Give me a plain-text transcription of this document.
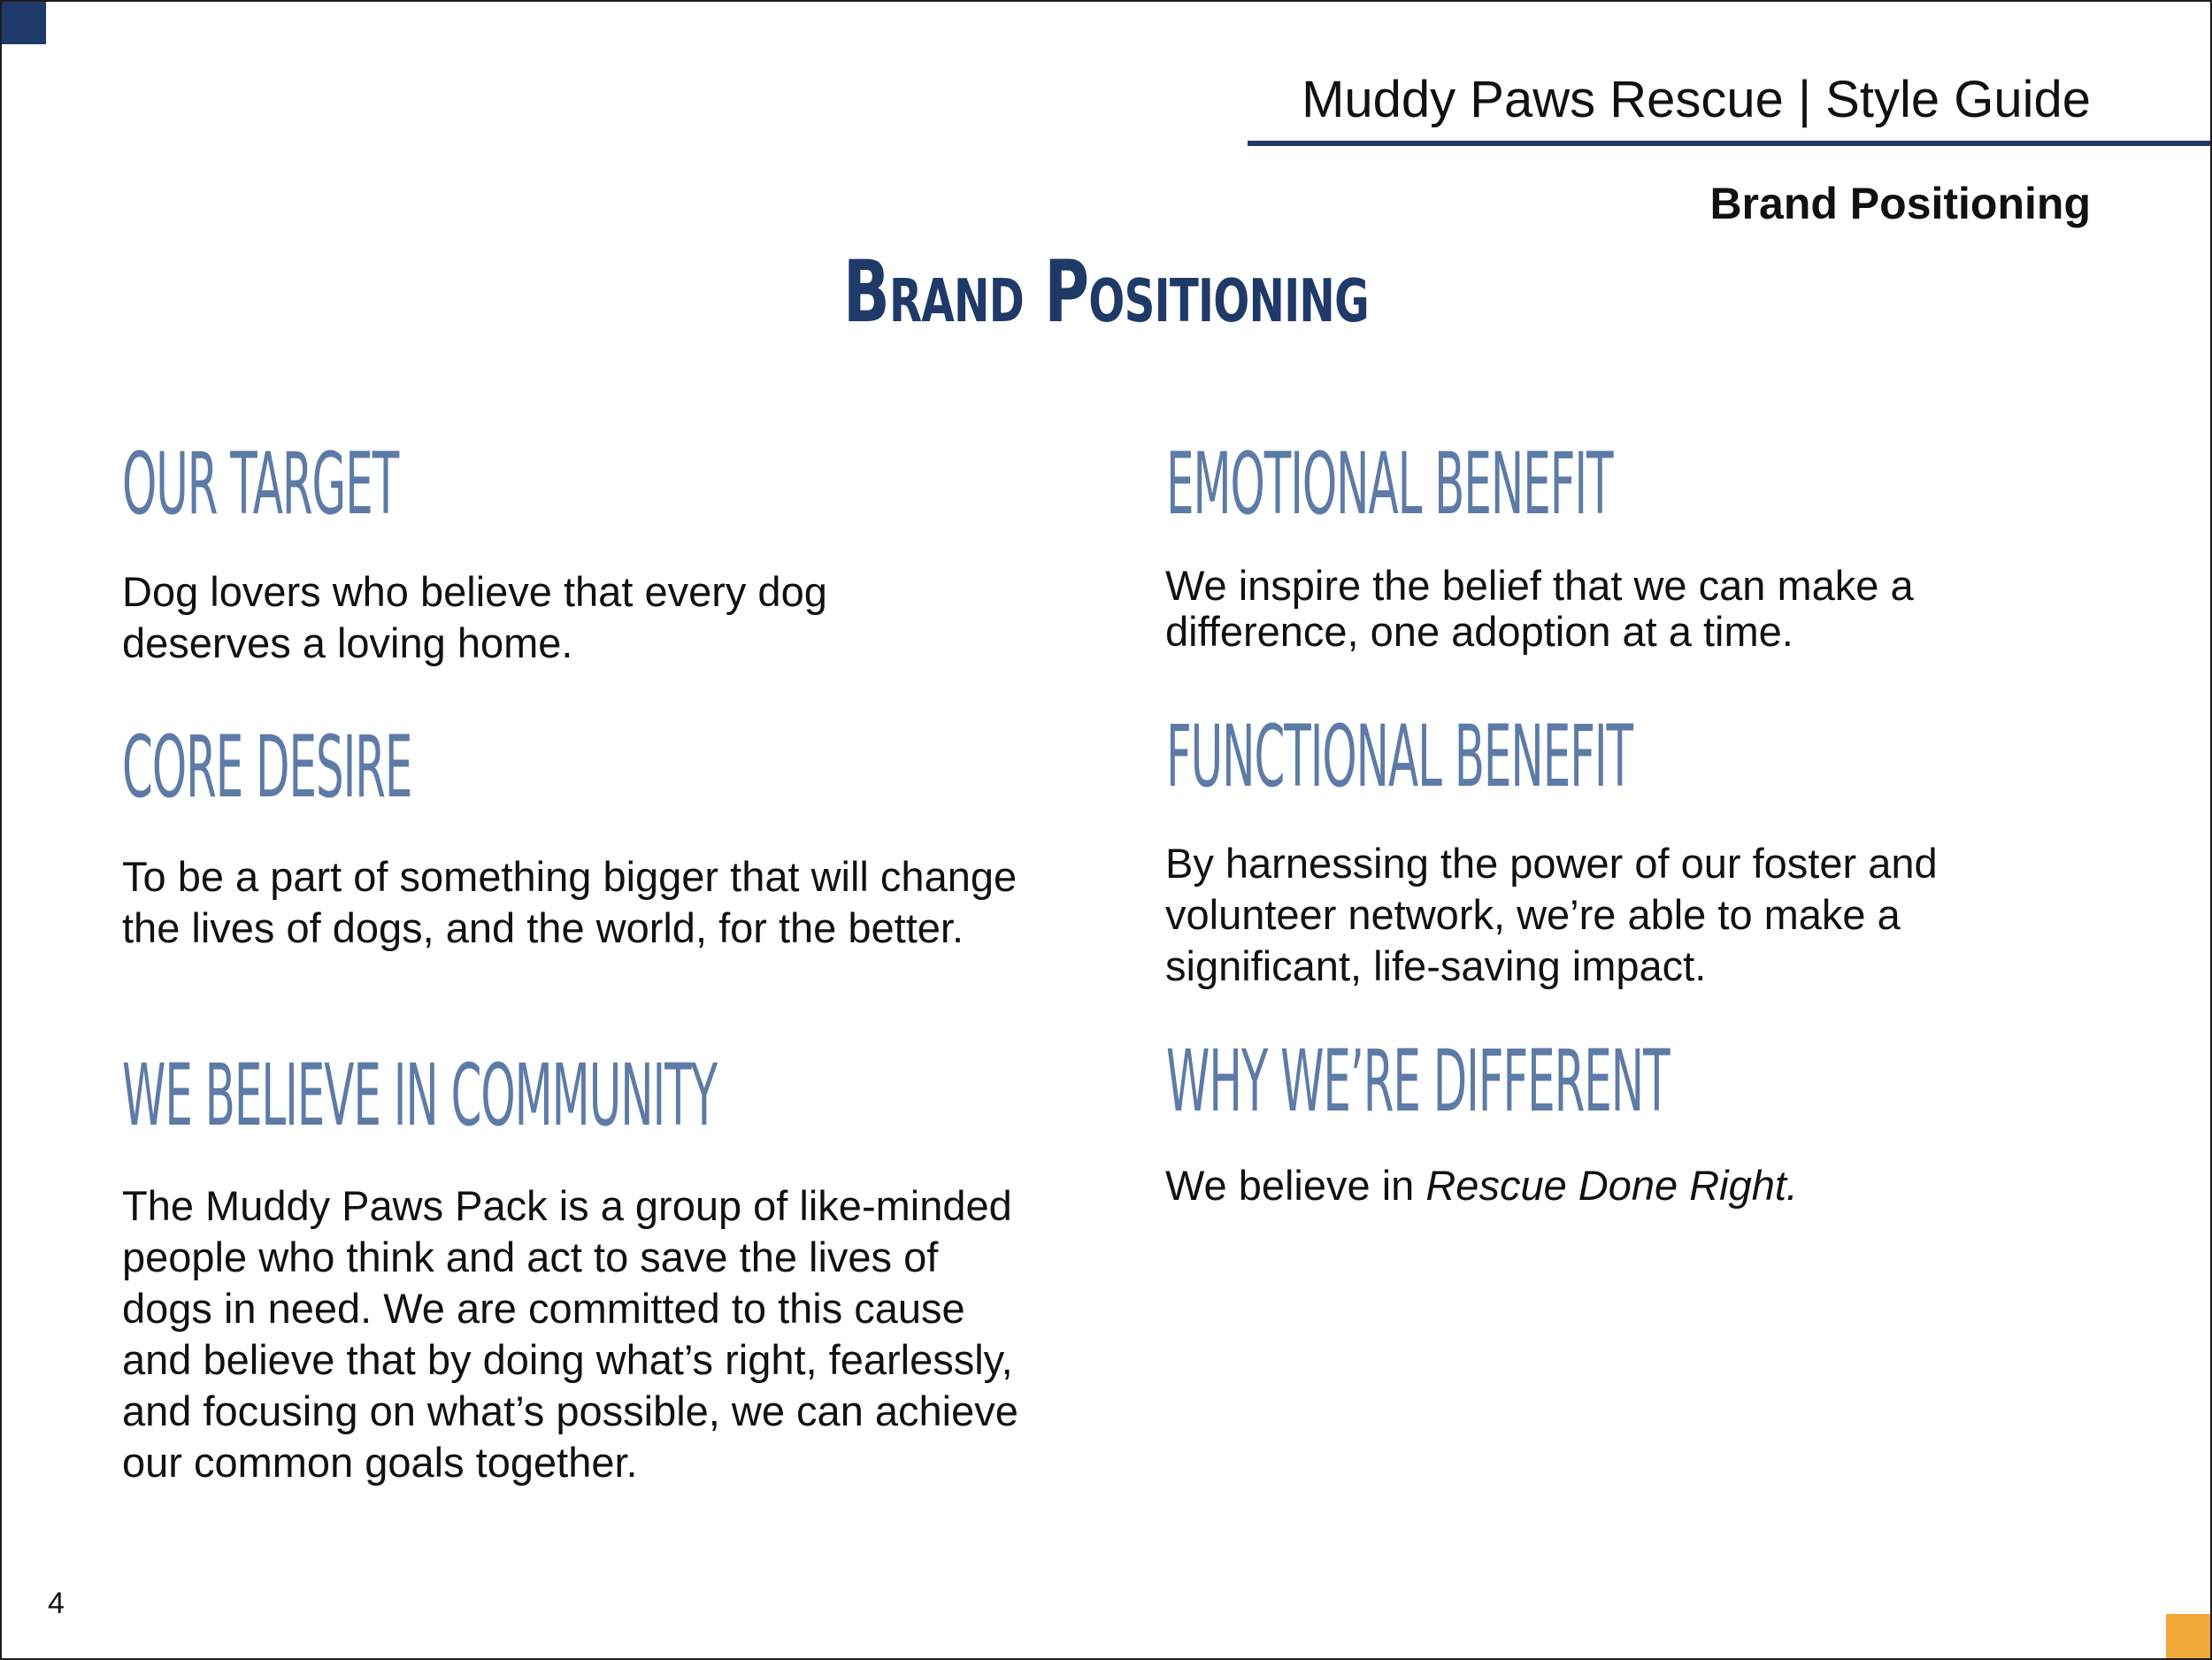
Muddy Paws Rescue | Style Guide
Brand Positioning
Brand Positioning
OUR TARGET
Dog lovers who believe that every dog deserves a loving home.
CORE DESIRE
To be a part of something bigger that will change the lives of dogs, and the world, for the better.
WE BELIEVE IN COMMUNITY
The Muddy Paws Pack is a group of like-minded people who think and act to save the lives of dogs in need. We are committed to this cause and believe that by doing what’s right, fearlessly, and focusing on what’s possible, we can achieve our common goals together.
EMOTIONAL BENEFIT
We inspire the belief that we can make a difference, one adoption at a time.
FUNCTIONAL BENEFIT
By harnessing the power of our foster and volunteer network, we’re able to make a significant, life-saving impact.
WHY WE’RE DIFFERENT
We believe in Rescue Done Right.
4
